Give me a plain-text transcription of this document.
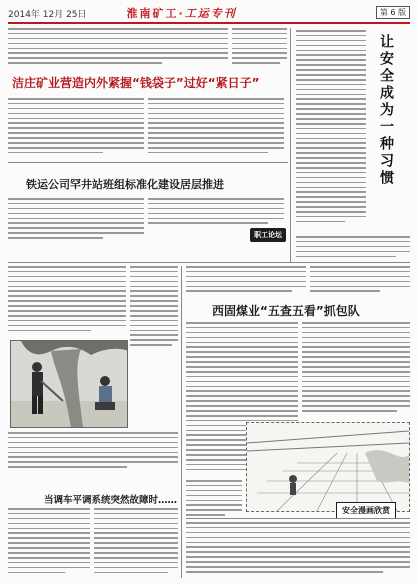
2014年 12月 25日	淮南矿工·工运专刊	第 6 版
洁庄矿业营造内外紧握“钱袋子”过好“紧日子”
铁运公司罕井站班组标准化建设居层推进
职工论坛
让安全成为一种习惯
当调车平调系统突然故障时……
西固煤业“五查五看”抓包队
安全漫画欣赏
